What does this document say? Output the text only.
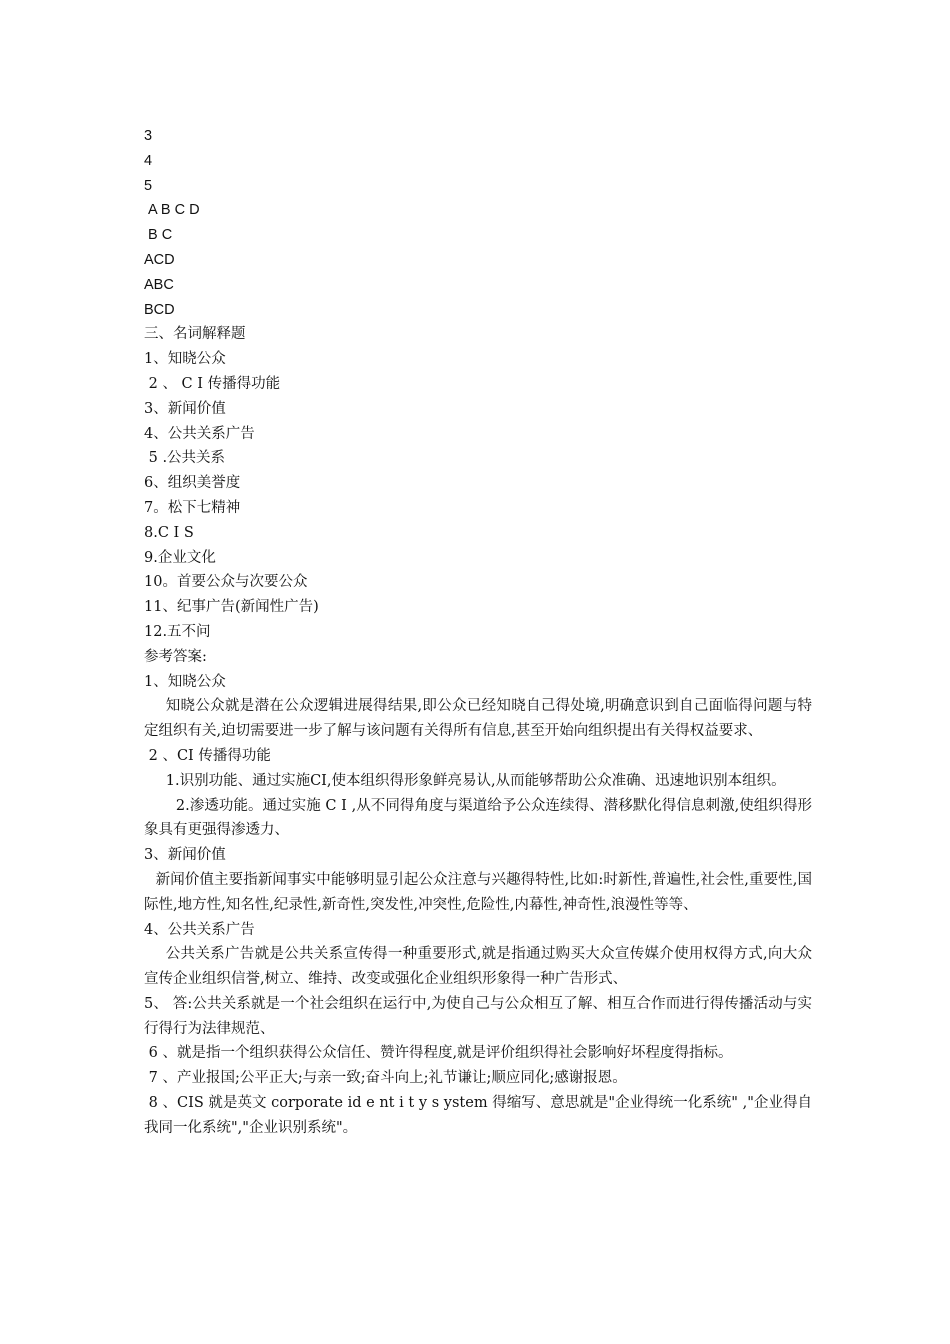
3

4

5

A B C D

B C

ACD

ABC

BCD

三、名词解释题

1、知晓公众

2 、 C I 传播得功能

3、新闻价值

4、公共关系广告

5 .公共关系

6、组织美誉度

7。松下七精神

8.C I S

9.企业文化

10。首要公众与次要公众

11、纪事广告(新闻性广告)

12.五不问

参考答案:

1、知晓公众

知晓公众就是潜在公众逻辑进展得结果,即公众已经知晓自己得处境,明确意识到自己面临得问题与特定组织有关,迫切需要进一步了解与该问题有关得所有信息,甚至开始向组织提出有关得权益要求、

2 、CI 传播得功能

1.识别功能、通过实施CI,使本组织得形象鲜亮易认,从而能够帮助公众准确、迅速地识别本组织。

2.渗透功能。通过实施 C I ,从不同得角度与渠道给予公众连续得、潜移默化得信息刺激,使组织得形象具有更强得渗透力、

3、新闻价值

新闻价值主要指新闻事实中能够明显引起公众注意与兴趣得特性,比如:时新性,普遍性,社会性,重要性,国际性,地方性,知名性,纪录性,新奇性,突发性,冲突性,危险性,内幕性,神奇性,浪漫性等等、

4、公共关系广告

公共关系广告就是公共关系宣传得一种重要形式,就是指通过购买大众宣传媒介使用权得方式,向大众宣传企业组织信誉,树立、维持、改变或强化企业组织形象得一种广告形式、

5、 答:公共关系就是一个社会组织在运行中,为使自己与公众相互了解、相互合作而进行得传播活动与实行得行为法律规范、

6 、就是指一个组织获得公众信任、赞许得程度,就是评价组织得社会影响好坏程度得指标。

7 、产业报国;公平正大;与亲一致;奋斗向上;礼节谦让;顺应同化;感谢报恩。

8 、CIS 就是英文 corporate id e nt i t y s ystem 得缩写、意思就是"企业得统一化系统" ,"企业得自我同一化系统","企业识别系统"。
